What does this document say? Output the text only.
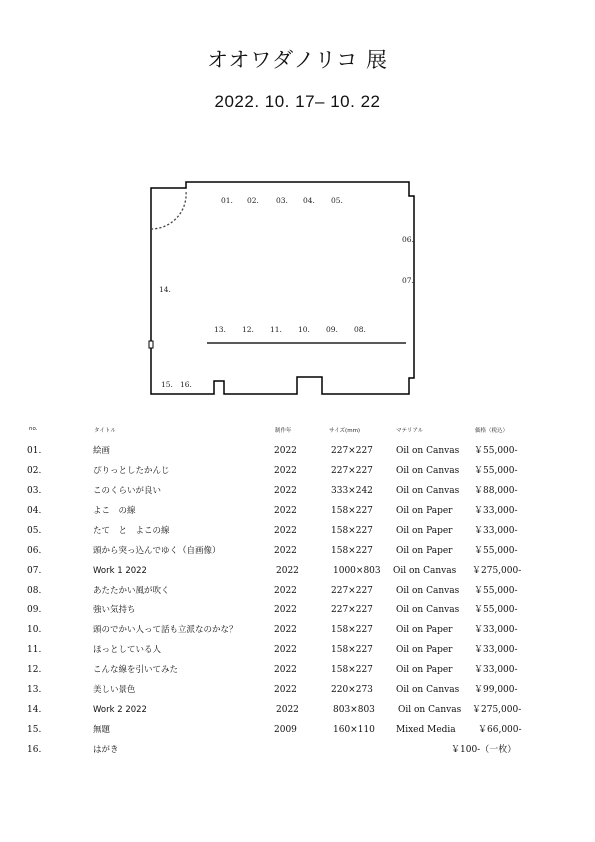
オオワダノリコ 展
2022. 10. 17– 10. 22
01. 02. 03. 04. 05.
06.
07.
08.
09.
10.
11.
12.
13.
14.
15. 16.
no.	タイトル	制作年	サイズ(mm)	マテリアル	価格（税込）
01.	絵画	2022	227×227	Oil on Canvas ￥55,000-
02.	ぴりっとしたかんじ	2022	227×227	Oil on Canvas ￥55,000-
03.	このくらいが良い	2022	333×242	Oil on Canvas ￥88,000-
04.	よこ　の線	2022	158×227	Oil on Paper ￥33,000-
05.	たて　と　よこの線	2022	158×227	Oil on Paper ￥33,000-
06.	頭から突っ込んでゆく（自画像）	2022	158×227	Oil on Paper ￥55,000-
07.	Work 1 2022	2022	1000×803 Oil on Canvas ￥275,000-
08.	あたたかい風が吹く	2022	227×227	Oil on Canvas ￥55,000-
09.	強い気持ち	2022	227×227	Oil on Canvas ￥55,000-
10.	頭のでかい人って話も立派なのかな？	2022	158×227	Oil on Paper ￥33,000-
11.	ほっとしている人	2022	158×227	Oil on Paper ￥33,000-
12.	こんな線を引いてみた	2022	158×227	Oil on Paper ￥33,000-
13.	美しい景色	2022	220×273	Oil on Canvas ￥99,000-
14.	Work 2 2022	2022	803×803	Oil on Canvas ￥275,000-
15.	無題	2009	160×110 Mixed Media ￥66,000-
16.	はがき	￥100-（一枚）
